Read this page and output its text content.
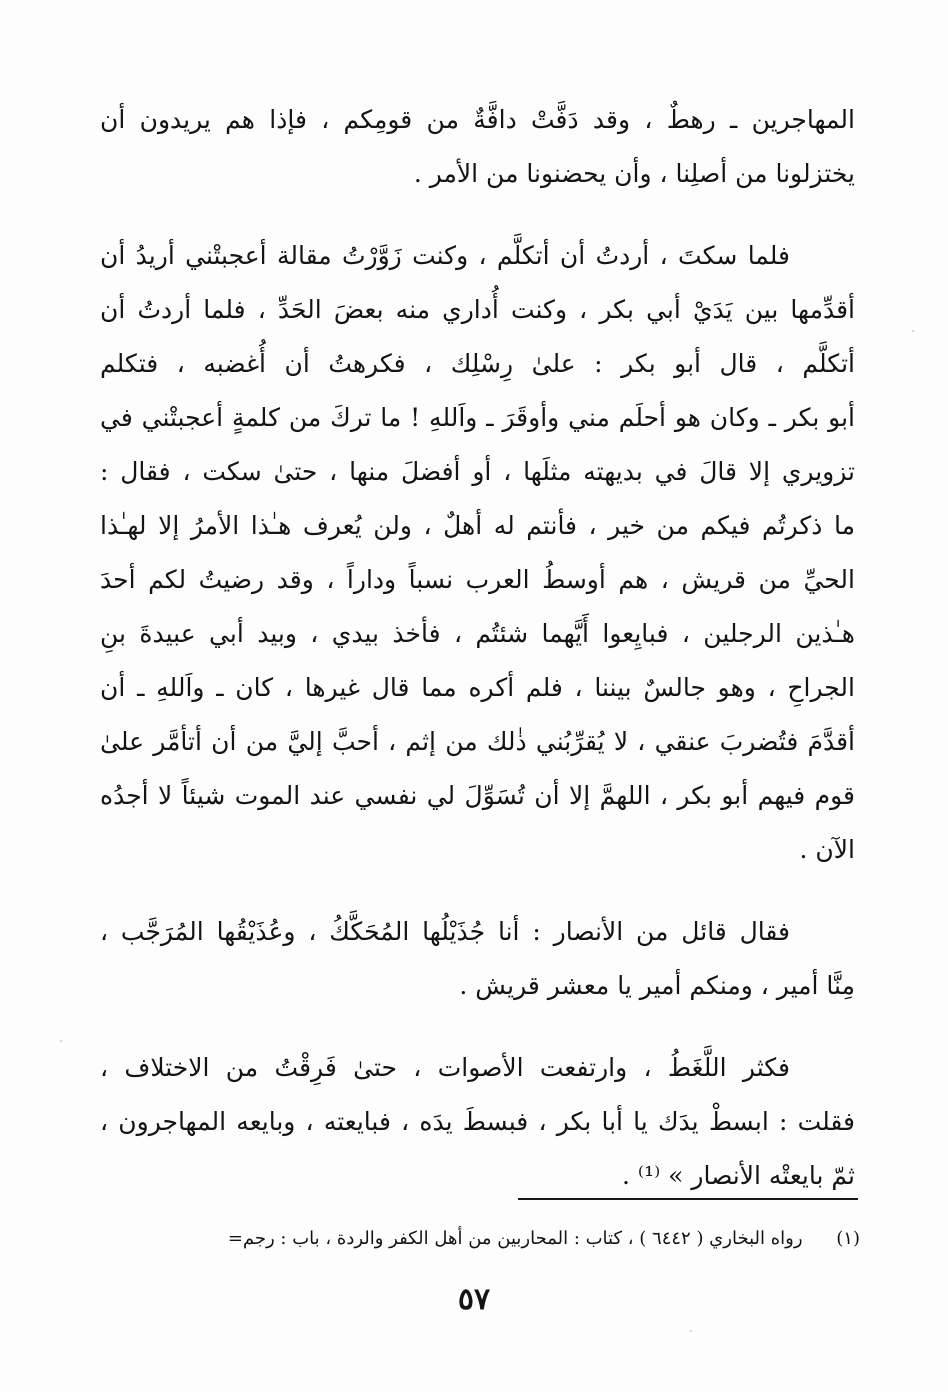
المهاجرين ـ رهطٌ ، وقد دَفَّتْ دافَّةٌ من قومِكم ، فإذا هم يريدون أن
يختزلونا من أصلِنا ، وأن يحضنونا من الأمر .
فلما سكتَ ، أردتُ أن أتكلَّم ، وكنت زَوَّرْتُ مقالة أعجبتْني أريدُ أن
أقدِّمها بين يَدَيْ أبي بكر ، وكنت أُداري منه بعضَ الحَدِّ ، فلما أردتُ أن
أتكلَّم ، قال أبو بكر : علىٰ رِسْلِك ، فكرهتُ أن أُغضبه ، فتكلم
أبو بكر ـ وكان هو أحلَم مني وأوقَرَ ـ واَللهِ ! ما تركَ من كلمةٍ أعجبتْني في
تزويري إلا قالَ في بديهته مثلَها ، أو أفضلَ منها ، حتىٰ سكت ، فقال :
ما ذكرتُم فيكم من خير ، فأنتم له أهلٌ ، ولن يُعرف هـٰذا الأمرُ إلا لهـٰذا
الحيِّ من قريش ، هم أوسطُ العرب نسباً وداراً ، وقد رضيتُ لكم أحدَ
هـٰذين الرجلين ، فبايِعوا أَيَّهما شئتُم ، فأخذ بيدي ، وبيد أبي عبيدةَ بنِ
الجراحِ ، وهو جالسٌ بيننا ، فلم أكره مما قال غيرها ، كان ـ واَللهِ ـ أن
أقدَّمَ فتُضربَ عنقي ، لا يُقرِّبُني ذٰلك من إثم ، أحبَّ إليَّ من أن أتأمَّر علىٰ
قوم فيهم أبو بكر ، اللهمَّ إلا أن تُسَوِّلَ لي نفسي عند الموت شيئاً لا أجدُه
الآن .
فقال قائل من الأنصار : أنا جُذَيْلُها المُحَكَّكُ ، وعُذَيْقُها المُرَجَّب ،
مِنَّا أمير ، ومنكم أمير يا معشر قريش .
فكثر اللَّغَطُ ، وارتفعت الأصوات ، حتىٰ فَرِقْتُ من الاختلاف ،
فقلت : ابسطْ يدَك يا أبا بكر ، فبسطَ يدَه ، فبايعته ، وبايعه المهاجرون ،
ثمّ بايعتْه الأنصار » ⁽¹⁾ .
(١) رواه البخاري ( ٦٤٤٢ ) ، كتاب : المحاربين من أهل الكفر والردة ، باب : رجم=
٥٧
